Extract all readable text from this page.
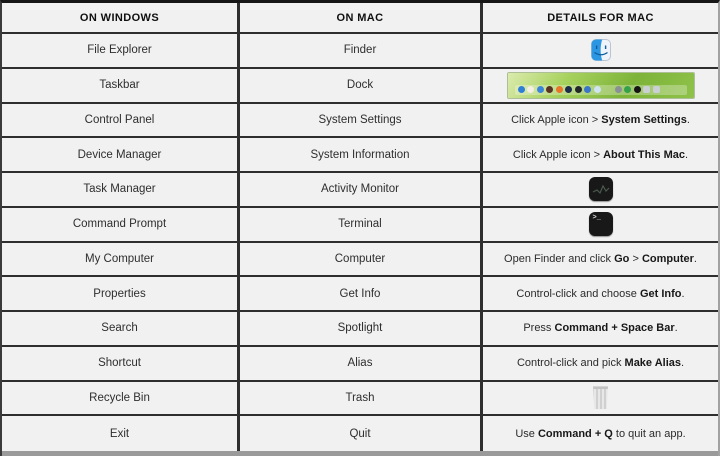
ON WINDOWS	ON MAC	DETAILS FOR MAC
File Explorer	Finder
Taskbar	Dock
Control Panel	System Settings	Click Apple icon > System Settings.
Device Manager	System Information	Click Apple icon > About This Mac.
Task Manager	Activity Monitor
Command Prompt	Terminal	>_
My Computer	Computer	Open Finder and click Go > Computer.
Properties	Get Info	Control-click and choose Get Info.
Search	Spotlight	Press Command + Space Bar.
Shortcut	Alias	Control-click and pick Make Alias.
Recycle Bin	Trash
Exit	Quit	Use Command + Q to quit an app.
